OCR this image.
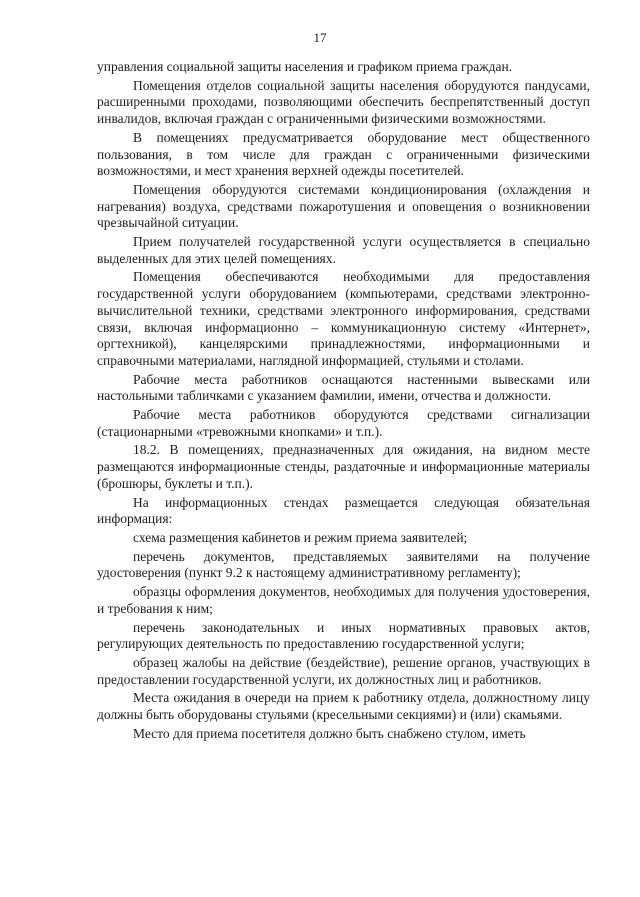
17

управления социальной защиты населения и графиком приема граждан.

Помещения отделов социальной защиты населения оборудуются пандусами, расширенными проходами, позволяющими обеспечить беспрепятственный доступ инвалидов, включая граждан с ограниченными физическими возможностями.

В помещениях предусматривается оборудование мест общественного пользования, в том числе для граждан с ограниченными физическими возможностями, и мест хранения верхней одежды посетителей.

Помещения оборудуются системами кондиционирования (охлаждения и нагревания) воздуха, средствами пожаротушения и оповещения о возникновении чрезвычайной ситуации.

Прием получателей государственной услуги осуществляется в специально выделенных для этих целей помещениях.

Помещения обеспечиваются необходимыми для предоставления государственной услуги оборудованием (компьютерами, средствами электронно-вычислительной техники, средствами электронного информирования, средствами связи, включая информационно – коммуникационную систему «Интернет», оргтехникой), канцелярскими принадлежностями, информационными и справочными материалами, наглядной информацией, стульями и столами.

Рабочие места работников оснащаются настенными вывесками или настольными табличками с указанием фамилии, имени, отчества и должности.

Рабочие места работников оборудуются средствами сигнализации (стационарными «тревожными кнопками» и т.п.).

18.2. В помещениях, предназначенных для ожидания, на видном месте размещаются информационные стенды, раздаточные и информационные материалы (брошюры, буклеты и т.п.).

На информационных стендах размещается следующая обязательная информация:

схема размещения кабинетов и режим приема заявителей;

перечень документов, представляемых заявителями на получение удостоверения (пункт 9.2 к настоящему административному регламенту);

образцы оформления документов, необходимых для получения удостоверения, и требования к ним;

перечень законодательных и иных нормативных правовых актов, регулирующих деятельность по предоставлению государственной услуги;

образец жалобы на действие (бездействие), решение органов, участвующих в предоставлении государственной услуги, их должностных лиц и работников.

Места ожидания в очереди на прием к работнику отдела, должностному лицу должны быть оборудованы стульями (кресельными секциями) и (или) скамьями.

Место для приема посетителя должно быть снабжено стулом, иметь
